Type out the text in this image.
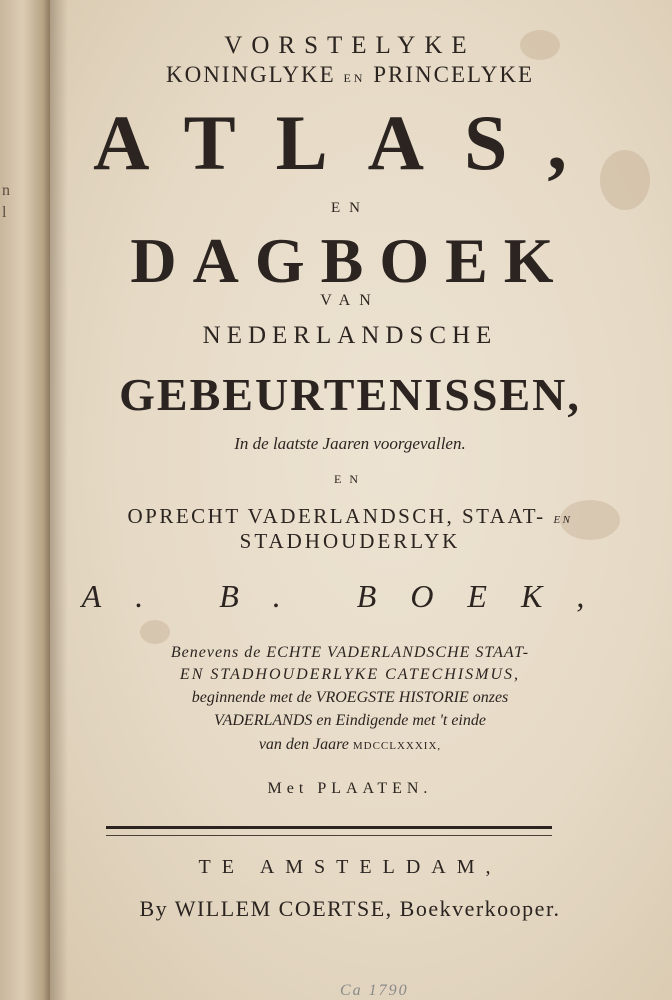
n
l
VORSTELYKE
KONINGLYKE EN PRINCELYKE
ATLAS,
EN
DAGBOEK
VAN
NEDERLANDSCHE
GEBEURTENISSEN,
In de laatste Jaaren voorgevallen.
EN
OPRECHT VADERLANDSCH, STAAT- EN
STADHOUDERLYK
A. B. BOEK,
Benevens de ECHTE VADERLANDSCHE STAAT-
EN STADHOUDERLYKE CATECHISMUS,
beginnende met de VROEGSTE HISTORIE onzes
VADERLANDS en Eindigende met 't einde
van den Jaare MDCCLXXXIX,
Met PLAATEN.
TE AMSTELDAM,
By WILLEM COERTSE, Boekverkooper.
Ca 1790
